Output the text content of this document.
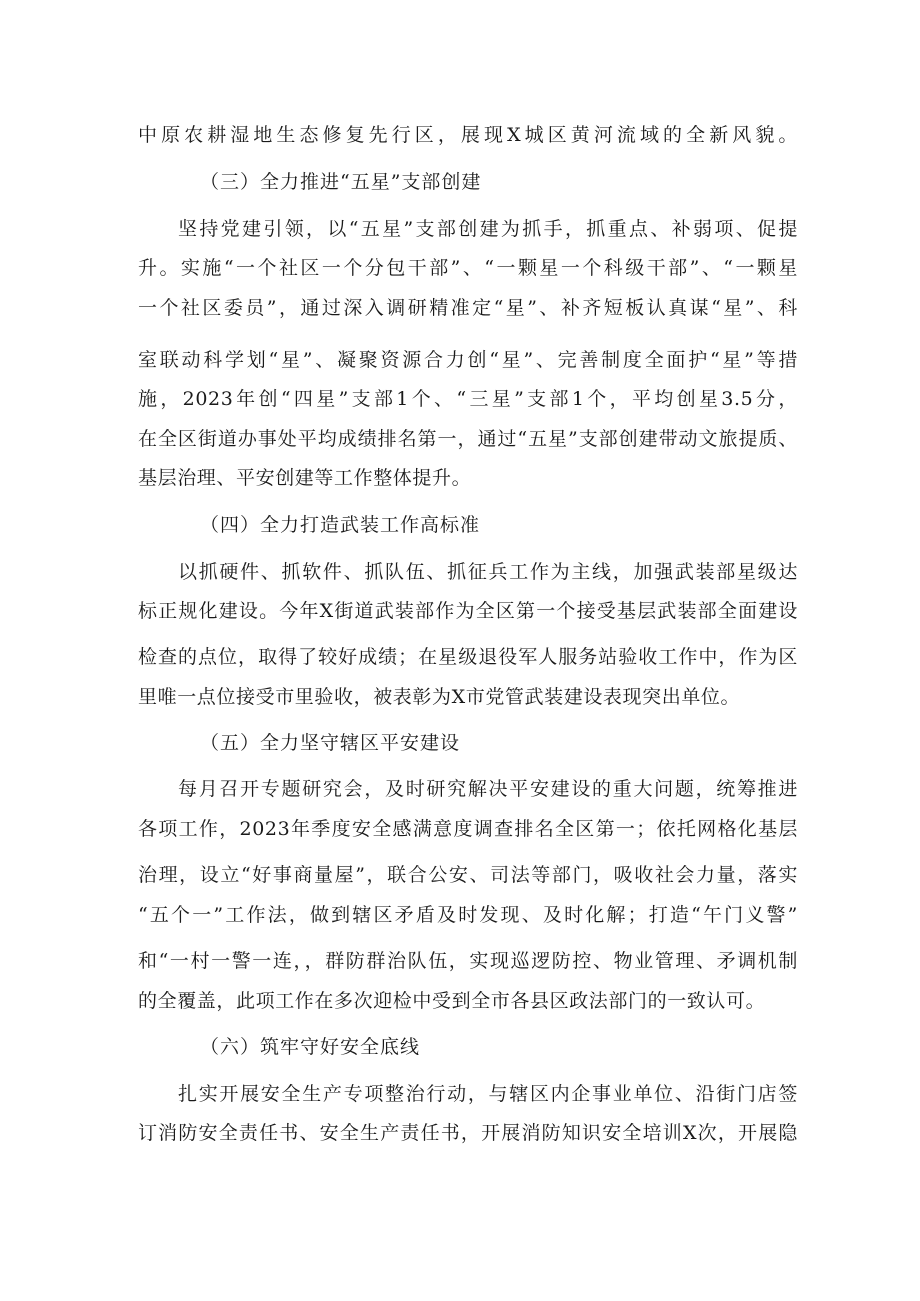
中原农耕湿地生态修复先行区，展现X城区黄河流域的全新风貌。
（三）全力推进“五星”支部创建
坚持党建引领，以“五星”支部创建为抓手，抓重点、补弱项、促提
升。实施“一个社区一个分包干部”、“一颗星一个科级干部”、“一颗星
一个社区委员”，通过深入调研精准定“星”、补齐短板认真谋“星”、科
室联动科学划“星”、凝聚资源合力创“星”、完善制度全面护“星”等措
施，2023年创“四星”支部1个、“三星”支部1个，平均创星3.5分，
在全区街道办事处平均成绩排名第一，通过“五星”支部创建带动文旅提质、
基层治理、平安创建等工作整体提升。
（四）全力打造武装工作高标准
以抓硬件、抓软件、抓队伍、抓征兵工作为主线，加强武装部星级达
标正规化建设。今年X街道武装部作为全区第一个接受基层武装部全面建设
检查的点位，取得了较好成绩；在星级退役军人服务站验收工作中，作为区
里唯一点位接受市里验收，被表彰为X市党管武装建设表现突出单位。
（五）全力坚守辖区平安建设
每月召开专题研究会，及时研究解决平安建设的重大问题，统筹推进
各项工作，2023年季度安全感满意度调查排名全区第一；依托网格化基层
治理，设立“好事商量屋”，联合公安、司法等部门，吸收社会力量，落实
“五个一”工作法，做到辖区矛盾及时发现、及时化解；打造“午门义警”
和“一村一警一连，，群防群治队伍，实现巡逻防控、物业管理、矛调机制
的全覆盖，此项工作在多次迎检中受到全市各县区政法部门的一致认可。
（六）筑牢守好安全底线
扎实开展安全生产专项整治行动，与辖区内企事业单位、沿街门店签
订消防安全责任书、安全生产责任书，开展消防知识安全培训X次，开展隐
